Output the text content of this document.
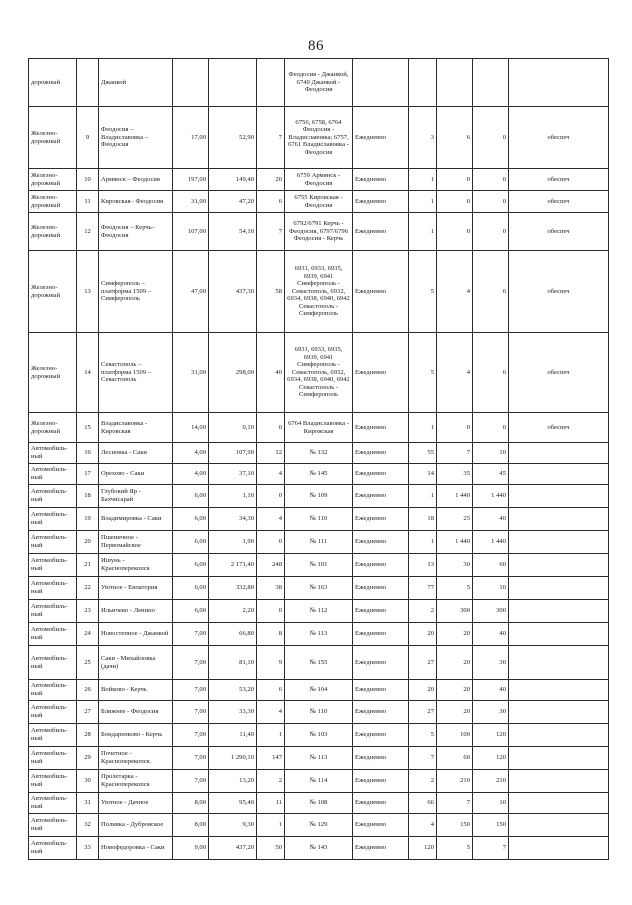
86
дорожный		Джанкой				Феодосия - Джанкой, 6749 Джанкой - Феодосия					
Железно-дорожный	9	Феодосия – Владиславовка – Феодосия	17,00	52,90	7	6756, 6758, 6764 Феодосия - Владиславовка; 6757, 6761 Владиславовка - Феодосия	Ежедневно	3	6	0	обеспеч
Железно-дорожный	10	Армянск – Феодосия	197,00	149,40	20	6759 Армянск - Феодосия	Ежедневно	1	0	0	обеспеч
Железно-дорожный	11	Кировская– Феодосия	31,00	47,20	6	6755 Кировская - Феодосия	Ежедневно	1	0	0	обеспеч
Железно-дорожный	12	Феодосия – Керчь– Феодосия	107,00	54,10	7	6792/6791 Керчь - Феодосия, 6797/6796 Феодосия - Керчь	Ежедневно	1	0	0	обеспеч
Железно-дорожный	13	Симферополь – платформа 1509 – Симферополь	47,00	437,30	58	6931, 6933, 6935, 6939, 6941 Симферополь - Севастополь, 6932, 6934, 6938, 6940, 6942 Севастополь - Симферополь	Ежедневно	5	4	6	обеспеч
Железно-дорожный	14	Севастополь – платформа 1509 – Севастополь	31,00	298,00	40	6931, 6933, 6935, 6939, 6941 Симферополь - Севастополь, 6932, 6934, 6938, 6940, 6942 Севастополь - Симферополь	Ежедневно	5	4	6	обеспеч
Железно-дорожный	15	Владиславовка - Кировская	14,00	0,10	0	6764 Владиславовка - Кировская	Ежедневно	1	0	0	обеспеч
Автомобиль-ный	16	Лесновка - Саки	4,00	107,90	12	№ 132	Ежедневно	55	7	10	
Автомобиль-ный	17	Орехово - Саки	4,00	37,10	4	№ 145	Ежедневно	14	35	45	
Автомобиль-ный	18	Глубокий Яр - Бахчисарай	6,00	1,10	0	№ 109	Ежедневно	1	1 440	1 440	
Автомобиль-ный	19	Владимировка - Саки	6,00	34,30	4	№ 110	Ежедневно	18	25	40	
Автомобиль-ный	20	Пшеничное - Первомайское	6,00	1,90	0	№ 111	Ежедневно	1	1 440	1 440	
Автомобиль-ный	21	Ишунь - Красноперекопск	6,00	2 171,40	248	№ 101	Ежедневно	13	30	60	
Автомобиль-ный	22	Уютное - Евпатория	6,00	332,80	38	№ 163	Ежедневно	77	5	10	
Автомобиль-ный	23	Ильичево - Ленино	6,00	2,20	0	№ 112	Ежедневно	2	300	300	
Автомобиль-ный	24	Новостепное - Джанкой	7,00	66,80	8	№ 113	Ежедневно	20	20	40	
Автомобиль-ный	25	Саки - Михайловка (дачи)	7,00	81,10	9	№ 155	Ежедневно	27	20	30	
Автомобиль-ный	26	Войково - Керчь	7,00	53,20	6	№ 104	Ежедневно	20	20	40	
Автомобиль-ный	27	Ближнее - Феодосия	7,00	33,30	4	№ 110	Ежедневно	27	20	30	
Автомобиль-ный	28	Бондаренково - Керчь	7,00	11,40	1	№ 103	Ежедневно	5	100	120	
Автомобиль-ный	29	Почетное - Красноперекопск	7,00	1 290,10	147	№ 113	Ежедневно	7	60	120	
Автомобиль-ный	30	Пролетарка - Красноперекопск	7,00	13,20	2	№ 114	Ежедневно	2	210	210	
Автомобиль-ный	31	Уютное - Дачное	8,00	95,40	11	№ 108	Ежедневно	66	7	10	
Автомобиль-ный	32	Поливка - Дубровское	8,00	9,30	1	№ 129	Ежедневно	4	150	150	
Автомобиль-ный	33	Новофедоровка - Саки	9,00	437,20	50	№ 143	Ежедневно	120	5	7	
